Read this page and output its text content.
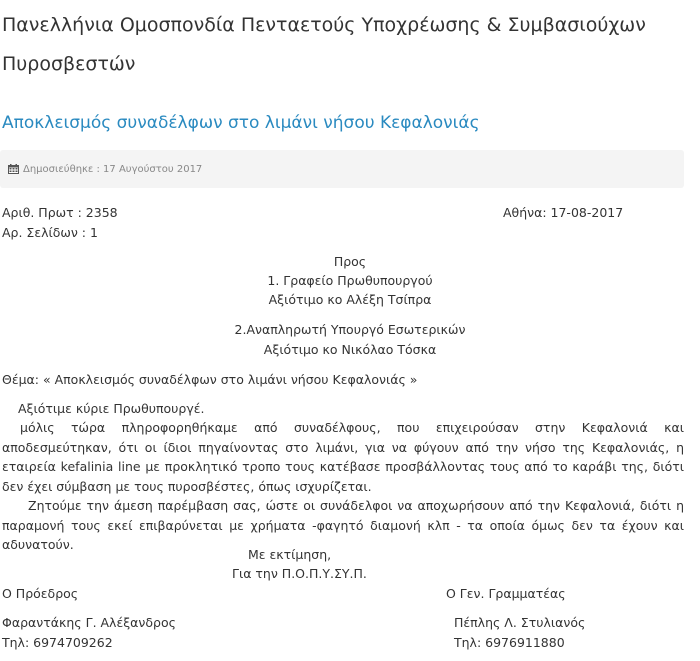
Πανελλήνια Ομοσπονδία Πενταετούς Υποχρέωσης & Συμβασιούχων Πυροσβεστών
Αποκλεισμός συναδέλφων στο λιμάνι νήσου Κεφαλονιάς
Δημοσιεύθηκε : 17 Αυγούστου 2017
Αριθ. Πρωτ : 2358
Αρ. Σελίδων : 1
Αθήνα: 17-08-2017
Προς
1. Γραφείο Πρωθυπουργού
Αξιότιμο κο Αλέξη Τσίπρα
2.Αναπληρωτή Υπουργό Εσωτερικών
Αξιότιμο κο Νικόλαο Τόσκα
Θέμα: « Αποκλεισμός συναδέλφων στο λιμάνι νήσου Κεφαλονιάς »
Αξιότιμε κύριε Πρωθυπουργέ.

μόλις τώρα πληροφορηθήκαμε από συναδέλφους, που επιχειρούσαν στην Κεφαλονιά και αποδεσμεύτηκαν, ότι οι ίδιοι πηγαίνοντας στο λιμάνι, για να φύγουν από την νήσο της Κεφαλονιάς, η εταιρεία kefalinia line με προκλητικό τροπο τους κατέβασε προσβάλλοντας τους από το καράβι της, διότι δεν έχει σύμβαση με τους πυροσβέστες, όπως ισχυρίζεται.

Ζητούμε την άμεση παρέμβαση σας, ώστε οι συνάδελφοι να αποχωρήσουν από την Κεφαλονιά, διότι η παραμονή τους εκεί επιβαρύνεται με χρήματα -φαγητό διαμονή κλπ - τα οποία όμως δεν τα έχουν και αδυνατούν.

Με εκτίμηση,
Για την Π.Ο.Π.Υ.ΣΥ.Π.
Ο Πρόεδρος	Ο Γεν. Γραμματέας
Φαραντάκης Γ. Αλέξανδρος	Πέπλης Λ. Στυλιανός
Τηλ: 6974709262	Τηλ: 6976911880
